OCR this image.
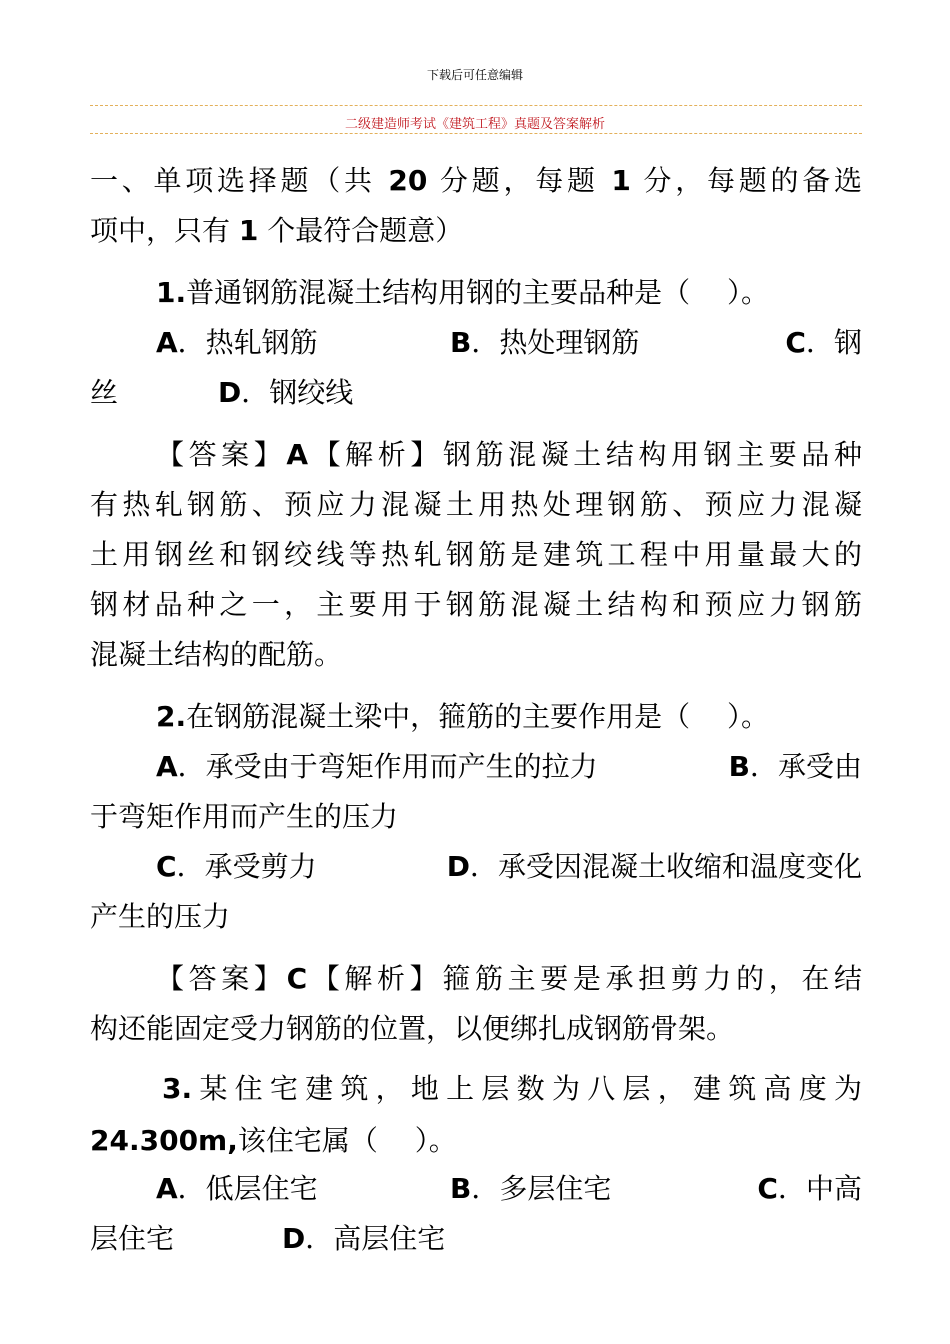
下载后可任意编辑
二级建造师考试《建筑工程》真题及答案解析
一、单项选择题（共 20 分题，每题 1 分，每题的备选
项中，只有 1 个最符合题意）
1.普通钢筋混凝土结构用钢的主要品种是（　 ）。
A．热轧钢筋	B．热处理钢筋	C．钢
丝	D．钢绞线
【答案】A【解析】钢筋混凝土结构用钢主要品种
有热轧钢筋、预应力混凝土用热处理钢筋、预应力混凝
土用钢丝和钢绞线等热轧钢筋是建筑工程中用量最大的
钢材品种之一，主要用于钢筋混凝土结构和预应力钢筋
混凝土结构的配筋。
2.在钢筋混凝土梁中，箍筋的主要作用是（　 ）。
A．承受由于弯矩作用而产生的拉力	B．承受由
于弯矩作用而产生的压力
C．承受剪力	D．承受因混凝土收缩和温度变化
产生的压力
【答案】C【解析】箍筋主要是承担剪力的，在结
构还能固定受力钢筋的位置，以便绑扎成钢筋骨架。
3.某住宅建筑，地上层数为八层，建筑高度为
24.300m,该住宅属（　 ）。
A．低层住宅	B．多层住宅	C．中高
层住宅	D．高层住宅
